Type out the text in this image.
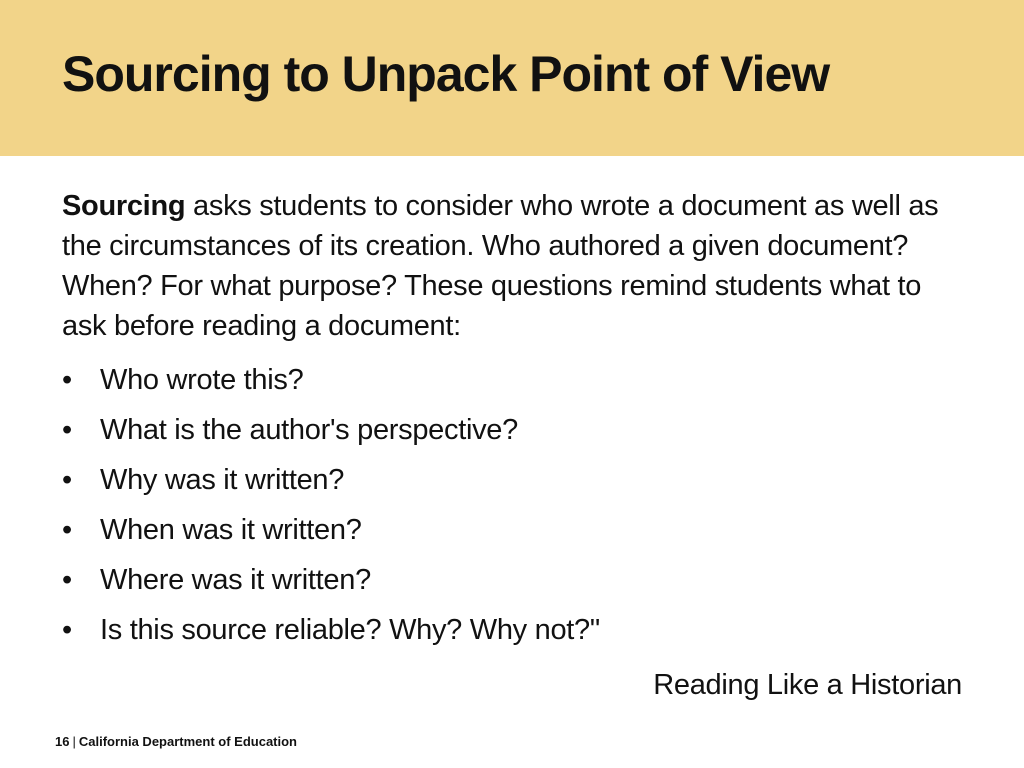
Sourcing to Unpack Point of View

Sourcing asks students to consider who wrote a document as well as the circumstances of its creation. Who authored a given document? When? For what purpose? These questions remind students what to ask before reading a document:

• Who wrote this?
• What is the author's perspective?
• Why was it written?
• When was it written?
• Where was it written?
• Is this source reliable? Why? Why not?"

Reading Like a Historian

16 | California Department of Education
